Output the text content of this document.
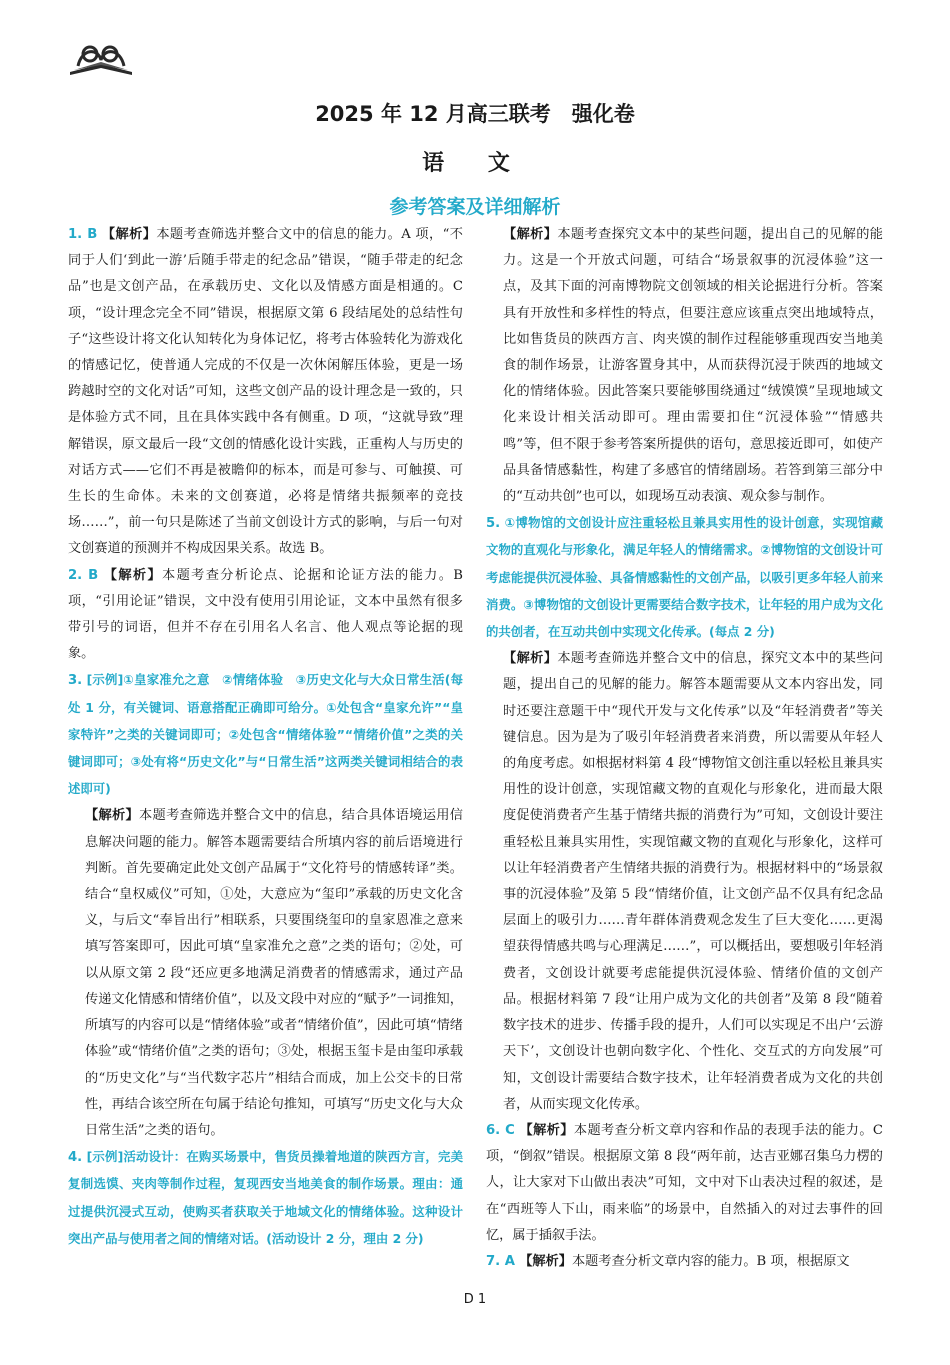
2025 年 12 月高三联考　强化卷
语 文
参考答案及详细解析

1. B 【解析】本题考查筛选并整合文中的信息的能力。A 项，“不同于人们‘到此一游’后随手带走的纪念品”错误，“随手带走的纪念品”也是文创产品，在承载历史、文化以及情感方面是相通的。C 项，“设计理念完全不同”错误，根据原文第 6 段结尾处的总结性句子“这些设计将文化认知转化为身体记忆，将考古体验转化为游戏化的情感记忆，使普通人完成的不仅是一次休闲解压体验，更是一场跨越时空的文化对话”可知，这些文创产品的设计理念是一致的，只是体验方式不同，且在具体实践中各有侧重。D 项，“这就导致”理解错误，原文最后一段“文创的情感化设计实践，正重构人与历史的对话方式——它们不再是被瞻仰的标本，而是可参与、可触摸、可生长的生命体。未来的文创赛道，必将是情绪共振频率的竞技场……”，前一句只是陈述了当前文创设计方式的影响，与后一句对文创赛道的预测并不构成因果关系。故选 B。

2. B 【解析】本题考查分析论点、论据和论证方法的能力。B 项，“引用论证”错误，文中没有使用引用论证，文本中虽然有很多带引号的词语，但并不存在引用名人名言、他人观点等论据的现象。

3. [示例]①皇家准允之意　②情绪体验　③历史文化与大众日常生活(每处 1 分，有关键词、语意搭配正确即可给分。①处包含“皇家允许”“皇家特许”之类的关键词即可；②处包含“情绪体验”“情绪价值”之类的关键词即可；③处有将“历史文化”与“日常生活”这两类关键词相结合的表述即可)

【解析】本题考查筛选并整合文中的信息，结合具体语境运用信息解决问题的能力。解答本题需要结合所填内容的前后语境进行判断。首先要确定此处文创产品属于“文化符号的情感转译”类。结合“皇权威仪”可知，①处，大意应为“玺印”承载的历史文化含义，与后文“奉旨出行”相联系，只要围绕玺印的皇家恩准之意来填写答案即可，因此可填“皇家准允之意”之类的语句；②处，可以从原文第 2 段“还应更多地满足消费者的情感需求，通过产品传递文化情感和情绪价值”，以及文段中对应的“赋予”一词推知，所填写的内容可以是“情绪体验”或者“情绪价值”，因此可填“情绪体验”或“情绪价值”之类的语句；③处，根据玉玺卡是由玺印承载的“历史文化”与“当代数字芯片”相结合而成，加上公交卡的日常性，再结合该空所在句属于结论句推知，可填写“历史文化与大众日常生活”之类的语句。

4. [示例]活动设计：在购买场景中，售货员操着地道的陕西方言，完美复制选馍、夹肉等制作过程，复现西安当地美食的制作场景。理由：通过提供沉浸式互动，使购买者获取关于地域文化的情绪体验。这种设计突出产品与使用者之间的情绪对话。(活动设计 2 分，理由 2 分)

【解析】本题考查探究文本中的某些问题，提出自己的见解的能力。这是一个开放式问题，可结合“场景叙事的沉浸体验”这一点，及其下面的河南博物院文创领域的相关论据进行分析。答案具有开放性和多样性的特点，但要注意应该重点突出地域特点，比如售货员的陕西方言、肉夹馍的制作过程能够重现西安当地美食的制作场景，让游客置身其中，从而获得沉浸于陕西的地域文化的情绪体验。因此答案只要能够围绕通过“绒馍馍”呈现地域文化来设计相关活动即可。理由需要扣住“沉浸体验”“情感共鸣”等，但不限于参考答案所提供的语句，意思接近即可，如使产品具备情感黏性，构建了多感官的情绪剧场。若答到第三部分中的“互动共创”也可以，如现场互动表演、观众参与制作。

5. ①博物馆的文创设计应注重轻松且兼具实用性的设计创意，实现馆藏文物的直观化与形象化，满足年轻人的情绪需求。②博物馆的文创设计可考虑能提供沉浸体验、具备情感黏性的文创产品，以吸引更多年轻人前来消费。③博物馆的文创设计更需要结合数字技术，让年轻的用户成为文化的共创者，在互动共创中实现文化传承。(每点 2 分)

【解析】本题考查筛选并整合文中的信息，探究文本中的某些问题，提出自己的见解的能力。解答本题需要从文本内容出发，同时还要注意题干中“现代开发与文化传承”以及“年轻消费者”等关键信息。因为是为了吸引年轻消费者来消费，所以需要从年轻人的角度考虑。如根据材料第 4 段“博物馆文创注重以轻松且兼具实用性的设计创意，实现馆藏文物的直观化与形象化，进而最大限度促使消费者产生基于情绪共振的消费行为”可知，文创设计要注重轻松且兼具实用性，实现馆藏文物的直观化与形象化，这样可以让年轻消费者产生情绪共振的消费行为。根据材料中的“场景叙事的沉浸体验”及第 5 段“情绪价值，让文创产品不仅具有纪念品层面上的吸引力……青年群体消费观念发生了巨大变化……更渴望获得情感共鸣与心理满足……”，可以概括出，要想吸引年轻消费者，文创设计就要考虑能提供沉浸体验、情绪价值的文创产品。根据材料第 7 段“让用户成为文化的共创者”及第 8 段“随着数字技术的进步、传播手段的提升，人们可以实现足不出户‘云游天下’，文创设计也朝向数字化、个性化、交互式的方向发展”可知，文创设计需要结合数字技术，让年轻消费者成为文化的共创者，从而实现文化传承。

6. C 【解析】本题考查分析文章内容和作品的表现手法的能力。C 项，“倒叙”错误。根据原文第 8 段“两年前，达吉亚娜召集乌力楞的人，让大家对下山做出表决”可知，文中对下山表决过程的叙述，是在“西班等人下山，雨来临”的场景中，自然插入的对过去事件的回忆，属于插叙手法。

7. A 【解析】本题考查分析文章内容的能力。B 项，根据原文

D 1
